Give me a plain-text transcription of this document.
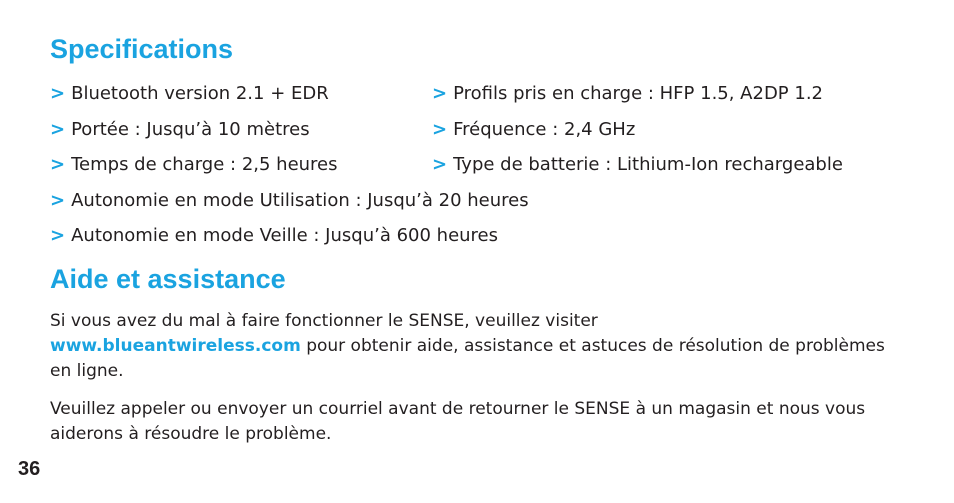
Specifications
> Bluetooth version 2.1 + EDR	> Profils pris en charge : HFP 1.5, A2DP 1.2
> Portée : Jusqu’à 10 mètres	> Fréquence : 2,4 GHz
> Temps de charge : 2,5 heures	> Type de batterie : Lithium-Ion rechargeable
> Autonomie en mode Utilisation : Jusqu’à 20 heures
> Autonomie en mode Veille : Jusqu’à 600 heures
Aide et assistance

Si vous avez du mal à faire fonctionner le SENSE, veuillez visiter
www.blueantwireless.com pour obtenir aide, assistance et astuces de résolution de problèmes en ligne.

Veuillez appeler ou envoyer un courriel avant de retourner le SENSE à un magasin et nous vous aiderons à résoudre le problème.

36
